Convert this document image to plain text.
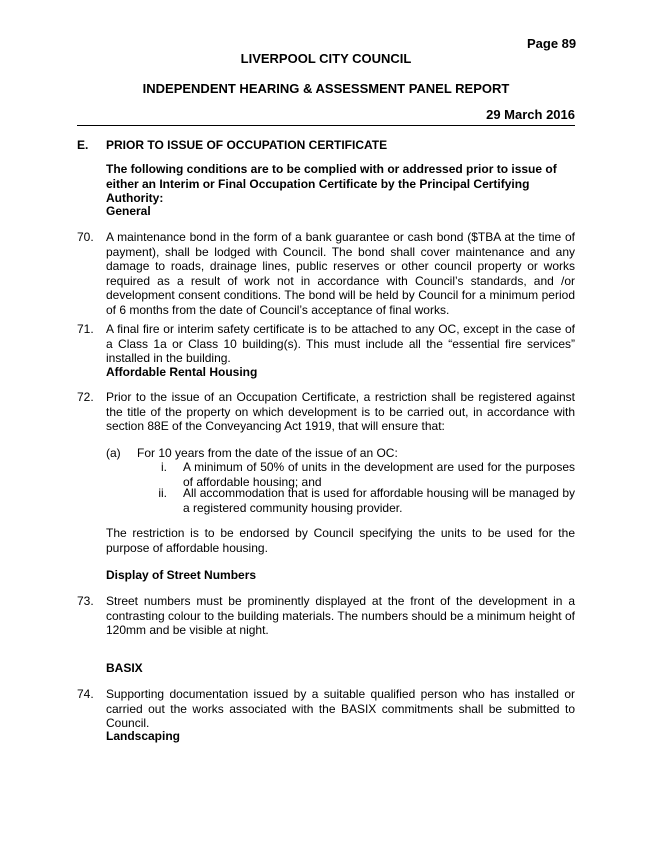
Page 89
LIVERPOOL CITY COUNCIL
INDEPENDENT HEARING & ASSESSMENT PANEL REPORT
29 March 2016
E. PRIOR TO ISSUE OF OCCUPATION CERTIFICATE
The following conditions are to be complied with or addressed prior to issue of either an Interim or Final Occupation Certificate by the Principal Certifying Authority:
General
70. A maintenance bond in the form of a bank guarantee or cash bond ($TBA at the time of payment), shall be lodged with Council. The bond shall cover maintenance and any damage to roads, drainage lines, public reserves or other council property or works required as a result of work not in accordance with Council’s standards, and /or development consent conditions. The bond will be held by Council for a minimum period of 6 months from the date of Council’s acceptance of final works.
71. A final fire or interim safety certificate is to be attached to any OC, except in the case of a Class 1a or Class 10 building(s). This must include all the “essential fire services” installed in the building.
Affordable Rental Housing
72. Prior to the issue of an Occupation Certificate, a restriction shall be registered against the title of the property on which development is to be carried out, in accordance with section 88E of the Conveyancing Act 1919, that will ensure that:
(a) For 10 years from the date of the issue of an OC:
i. A minimum of 50% of units in the development are used for the purposes of affordable housing; and
ii. All accommodation that is used for affordable housing will be managed by a registered community housing provider.
The restriction is to be endorsed by Council specifying the units to be used for the purpose of affordable housing.
Display of Street Numbers
73. Street numbers must be prominently displayed at the front of the development in a contrasting colour to the building materials. The numbers should be a minimum height of 120mm and be visible at night.
BASIX
74. Supporting documentation issued by a suitable qualified person who has installed or carried out the works associated with the BASIX commitments shall be submitted to Council.
Landscaping
